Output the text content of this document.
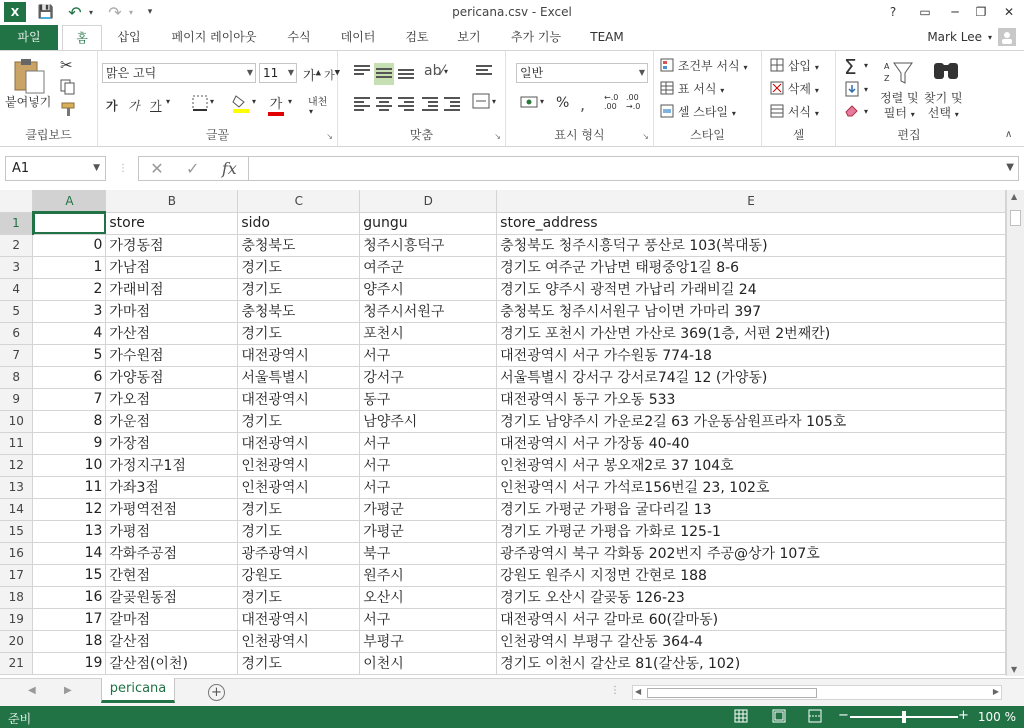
X	💾 ↶ ▾ ↷ ▾	▾	pericana.csv - Excel	?	▭	─	❐	✕
파일	홈	삽입	페이지 레이아웃	수식	데이터	검토	보기	추가 기능	TEAM	Mark Lee ▾
붙여넣기
✂
클립보드
맑은 고딕	▼ 11 ▼ 가▲ 가▼
가 가 가 ▾	▾	▾ 가 ▾ 내천
▾
글꼴	↘
ab⁄ ▾
▾
맞춤	↘
일반	▼
▾ % , ←.0
.00
.00
→.0
표시 형식	↘
조건부 서식 ▾
표 서식 ▾
셀 스타일 ▾
스타일
삽입 ▾
삭제 ▾
서식 ▾
셀
Σ ▾
▾
▾
A
Z
정렬 및
필터 ▾
찾기 및
선택 ▾
편집	∧
A1	▼ ⋮ ✕ ✓ fx	▼
	A	B	C	D	E
1		store	sido	gungu	store_address
2	0	가경동점	충청북도	청주시흥덕구	충청북도 청주시흥덕구 풍산로 103(복대동)
3	1	가남점	경기도	여주군	경기도 여주군 가남면 태평중앙1길 8-6
4	2	가래비점	경기도	양주시	경기도 양주시 광적면 가납리 가래비길 24
5	3	가마점	충청북도	청주시서원구	충청북도 청주시서원구 남이면 가마리 397
6	4	가산점	경기도	포천시	경기도 포천시 가산면 가산로 369(1층, 서편 2번째칸)
7	5	가수원점	대전광역시	서구	대전광역시 서구 가수원동 774-18
8	6	가양동점	서울특별시	강서구	서울특별시 강서구 강서로74길 12 (가양동)
9	7	가오점	대전광역시	동구	대전광역시 동구 가오동 533
10	8	가운점	경기도	남양주시	경기도 남양주시 가운로2길 63 가운동삼원프라자 105호
11	9	가장점	대전광역시	서구	대전광역시 서구 가장동 40-40
12	10	가정지구1점	인천광역시	서구	인천광역시 서구 봉오재2로 37 104호
13	11	가좌3점	인천광역시	서구	인천광역시 서구 가석로156번길 23, 102호
14	12	가평역전점	경기도	가평군	경기도 가평군 가평읍 굴다리길 13
15	13	가평점	경기도	가평군	경기도 가평군 가평읍 가화로 125-1
16	14	각화주공점	광주광역시	북구	광주광역시 북구 각화동 202번지 주공@상가 107호
17	15	간현점	강원도	원주시	강원도 원주시 지정면 간현로 188
18	16	갈곶원동점	경기도	오산시	경기도 오산시 갈곶동 126-23
19	17	갈마점	대전광역시	서구	대전광역시 서구 갈마로 60(갈마동)
20	18	갈산점	인천광역시	부평구	인천광역시 부평구 갈산동 364-4
21	19	갈산점(이천)	경기도	이천시	경기도 이천시 갈산로 81(갈산동, 102)
▲
▼
◀	▶	pericana	+	⋮ ◀	▶
준비	−	+ 100 %
